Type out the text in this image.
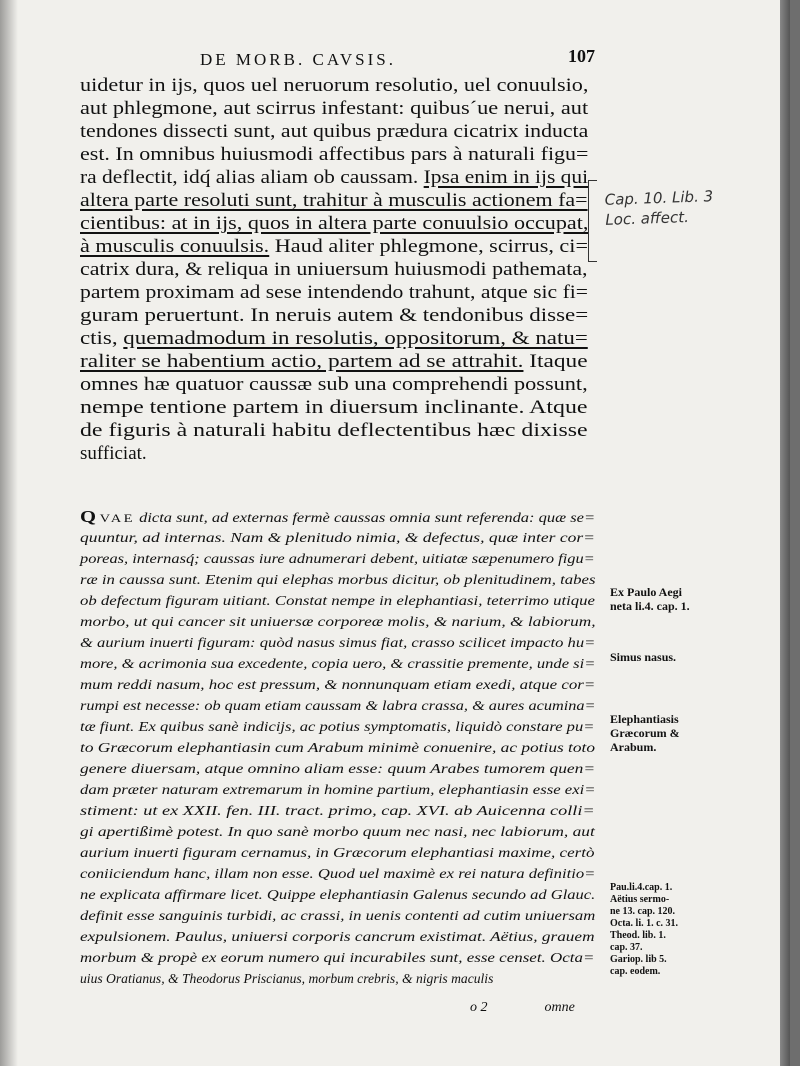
DE MORB. CAVSIS.	107
uidetur in ijs, quos uel neruorum resolutio, uel conuulsio,
aut phlegmone, aut scirrus infestant: quibus´ue nerui, aut
tendones dissecti sunt, aut quibus prædura cicatrix inducta
est. In omnibus huiusmodi affectibus pars à naturali figu=
ra deflectit, idq́ alias aliam ob caussam. Ipsa enim in ijs qui
altera parte resoluti sunt, trahitur à musculis actionem fa=
cientibus: at in ijs, quos in altera parte conuulsio occupat,
à musculis conuulsis. Haud aliter phlegmone, scirrus, ci=
catrix dura, & reliqua in uniuersum huiusmodi pathemata,
partem proximam ad sese intendendo trahunt, atque sic fi=
guram peruertunt. In neruis autem & tendonibus disse=
ctis, quemadmodum in resolutis, oppositorum, & natu=
raliter se habentium actio, partem ad se attrahit. Itaque
omnes hæ quatuor caussæ sub una comprehendi possunt,
nempe tentione partem in diuersum inclinante. Atque
de figuris à naturali habitu deflectentibus hæc dixisse
sufficiat.
Cap. 10. Lib. 3
Loc. affect.
QVAE dicta sunt, ad externas fermè caussas omnia sunt referenda: quæ se=
quuntur, ad internas. Nam & plenitudo nimia, & defectus, quæ inter cor=
poreas, internasq́; caussas iure adnumerari debent, uitiatæ sæpenumero figu=
ræ in caussa sunt. Etenim qui elephas morbus dicitur, ob plenitudinem, tabes
ob defectum figuram uitiant. Constat nempe in elephantiasi, teterrimo utique
morbo, ut qui cancer sit uniuersæ corporeæ molis, & narium, & labiorum,
& aurium inuerti figuram: quòd nasus simus fiat, crasso scilicet impacto hu=
more, & acrimonia sua excedente, copia uero, & crassitie premente, unde si=
mum reddi nasum, hoc est pressum, & nonnunquam etiam exedi, atque cor=
rumpi est necesse: ob quam etiam caussam & labra crassa, & aures acumina=
tæ fiunt. Ex quibus sanè indicijs, ac potius symptomatis, liquidò constare pu=
to Græcorum elephantiasin cum Arabum minimè conuenire, ac potius toto
genere diuersam, atque omnino aliam esse: quum Arabes tumorem quen=
dam præter naturam extremarum in homine partium, elephantiasin esse exi=
stiment: ut ex XXII. fen. III. tract. primo, cap. XVI. ab Auicenna colli=
gi apertißimè potest. In quo sanè morbo quum nec nasi, nec labiorum, aut
aurium inuerti figuram cernamus, in Græcorum elephantiasi maxime, certò
coniiciendum hanc, illam non esse. Quod uel maximè ex rei natura definitio=
ne explicata affirmare licet. Quippe elephantiasin Galenus secundo ad Glauc.
definit esse sanguinis turbidi, ac crassi, in uenis contenti ad cutim uniuersam
expulsionem. Paulus, uniuersi corporis cancrum existimat. Aëtius, grauem
morbum & propè ex eorum numero qui incurabiles sunt, esse censet. Octa=
uius Oratianus, & Theodorus Priscianus, morbum crebris, & nigris maculis
Ex Paulo Aegi
neta li.4. cap. 1.
Simus nasus.
Elephantiasis
Græcorum &
Arabum.
Pau.li.4.cap. 1.
Aëtius sermo-
ne 13. cap. 120.
Octa. li. 1. c. 31.
Theod. lib. 1.
cap. 37.
Gariop. lib 5.
cap. eodem.
o 2	omne
